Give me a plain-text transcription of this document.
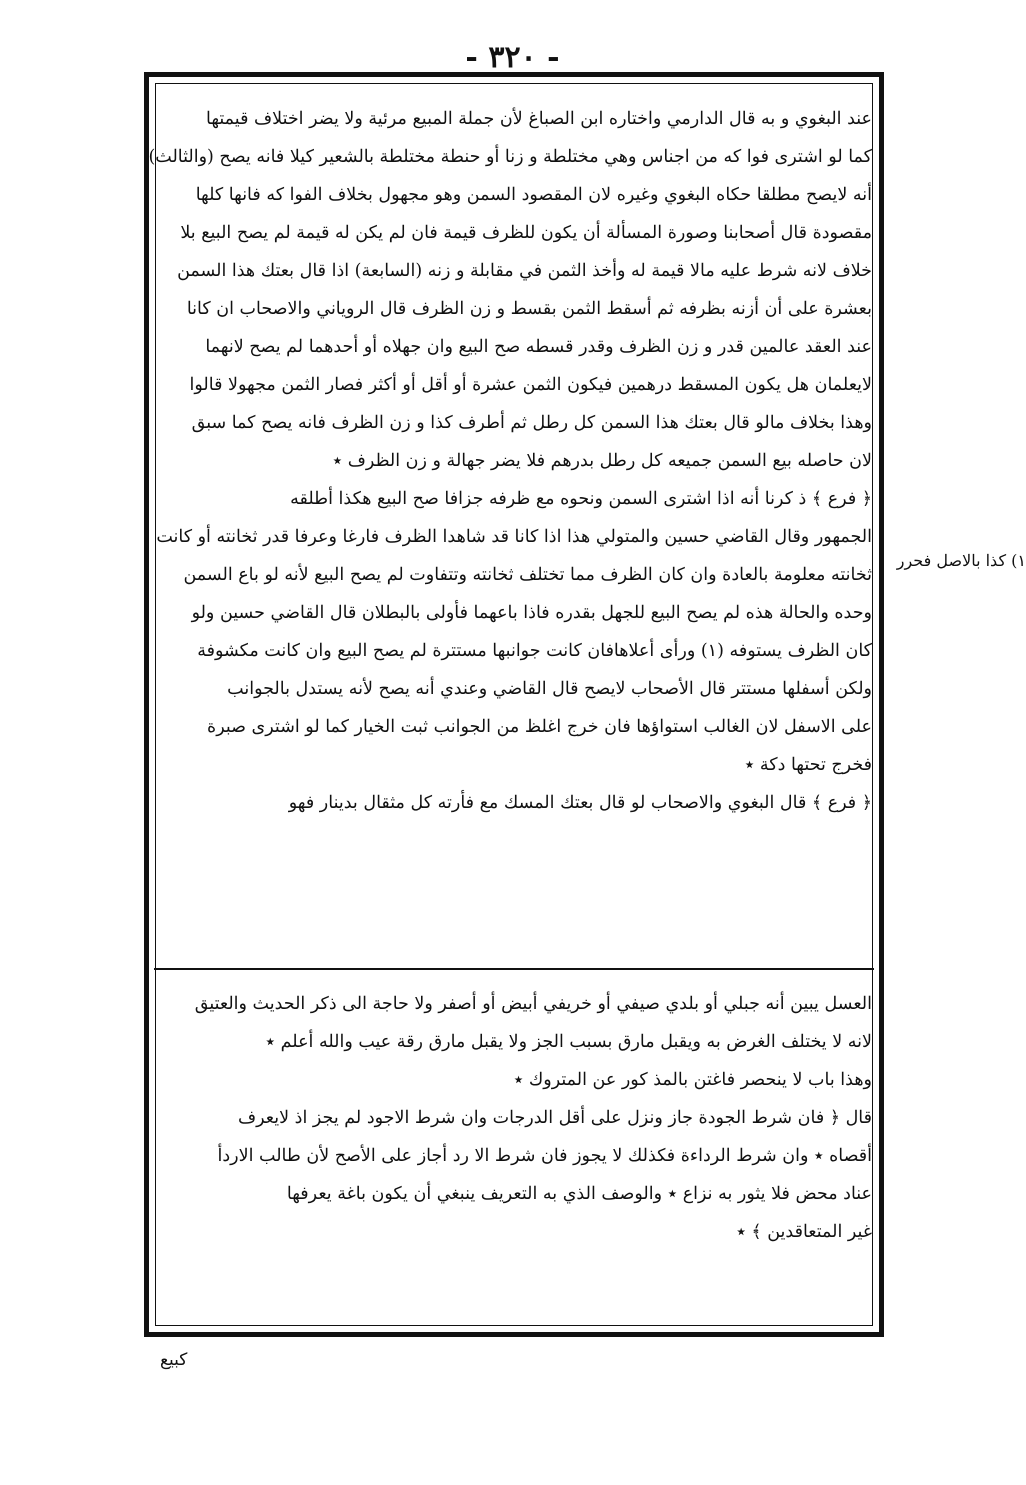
- ٣٢٠ -
عند البغوي و به قال الدارمي واختاره ابن الصباغ لأن جملة المبيع مرئية ولا يضر اختلاف قيمتها
كما لو اشترى فوا كه من اجناس وهي مختلطة و زنا أو حنطة مختلطة بالشعير كيلا فانه يصح (والثالث)
أنه لايصح مطلقا حكاه البغوي وغيره لان المقصود السمن وهو مجهول بخلاف الفوا كه فانها كلها
مقصودة قال أصحابنا وصورة المسألة أن يكون للظرف قيمة فان لم يكن له قيمة لم يصح البيع بلا
خلاف لانه شرط عليه مالا قيمة له وأخذ الثمن في مقابلة و زنه (السابعة) اذا قال بعتك هذا السمن
بعشرة على أن أزنه بظرفه ثم أسقط الثمن بقسط و زن الظرف قال الروياني والاصحاب ان كانا
عند العقد عالمين قدر و زن الظرف وقدر قسطه صح البيع وان جهلاه أو أحدهما لم يصح لانهما
لايعلمان هل يكون المسقط درهمين فيكون الثمن عشرة أو أقل أو أكثر فصار الثمن مجهولا قالوا
وهذا بخلاف مالو قال بعتك هذا السمن كل رطل ثم أطرف كذا و زن الظرف فانه يصح كما سبق
لان حاصله بيع السمن جميعه كل رطل بدرهم فلا يضر جهالة و زن الظرف ٭
﴿ فرع ﴾ ذ كرنا أنه اذا اشترى السمن ونحوه مع ظرفه جزافا صح البيع هكذا أطلقه
الجمهور وقال القاضي حسين والمتولي هذا اذا كانا قد شاهدا الظرف فارغا وعرفا قدر ثخانته أو كانت
ثخانته معلومة بالعادة وان كان الظرف مما تختلف ثخانته وتتفاوت لم يصح البيع لأنه لو باع السمن
وحده والحالة هذه لم يصح البيع للجهل بقدره فاذا باعهما فأولى بالبطلان قال القاضي حسين ولو
كان الظرف يستوفه (١) ورأى أعلاهافان كانت جوانبها مستترة لم يصح البيع وان كانت مكشوفة
ولكن أسفلها مستتر قال الأصحاب لايصح قال القاضي وعندي أنه يصح لأنه يستدل بالجوانب
على الاسفل لان الغالب استواؤها فان خرج اغلظ من الجوانب ثبت الخيار كما لو اشترى صبرة
فخرج تحتها دكة ٭
﴿ فرع ﴾ قال البغوي والاصحاب لو قال بعتك المسك مع فأرته كل مثقال بدينار فهو
١) كذا بالاصل فحرر
العسل يبين أنه جبلي أو بلدي صيفي أو خريفي أبيض أو أصفر ولا حاجة الى ذكر الحديث والعتيق
لانه لا يختلف الغرض به ويقبل مارق بسبب الجز ولا يقبل مارق رقة عيب والله أعلم ٭
وهذا باب لا ينحصر فاغتن بالمذ كور عن المتروك ٭
قال ﴿ فان شرط الجودة جاز ونزل على أقل الدرجات وان شرط الاجود لم يجز اذ لايعرف
أقصاه ٭ وان شرط الرداءة فكذلك لا يجوز فان شرط الا رد أجاز على الأصح لأن طالب الاردأ
عناد محض فلا يثور به نزاع ٭ والوصف الذي به التعريف ينبغي أن يكون باغة يعرفها
غير المتعاقدين ﴾ ٭
كبيع
